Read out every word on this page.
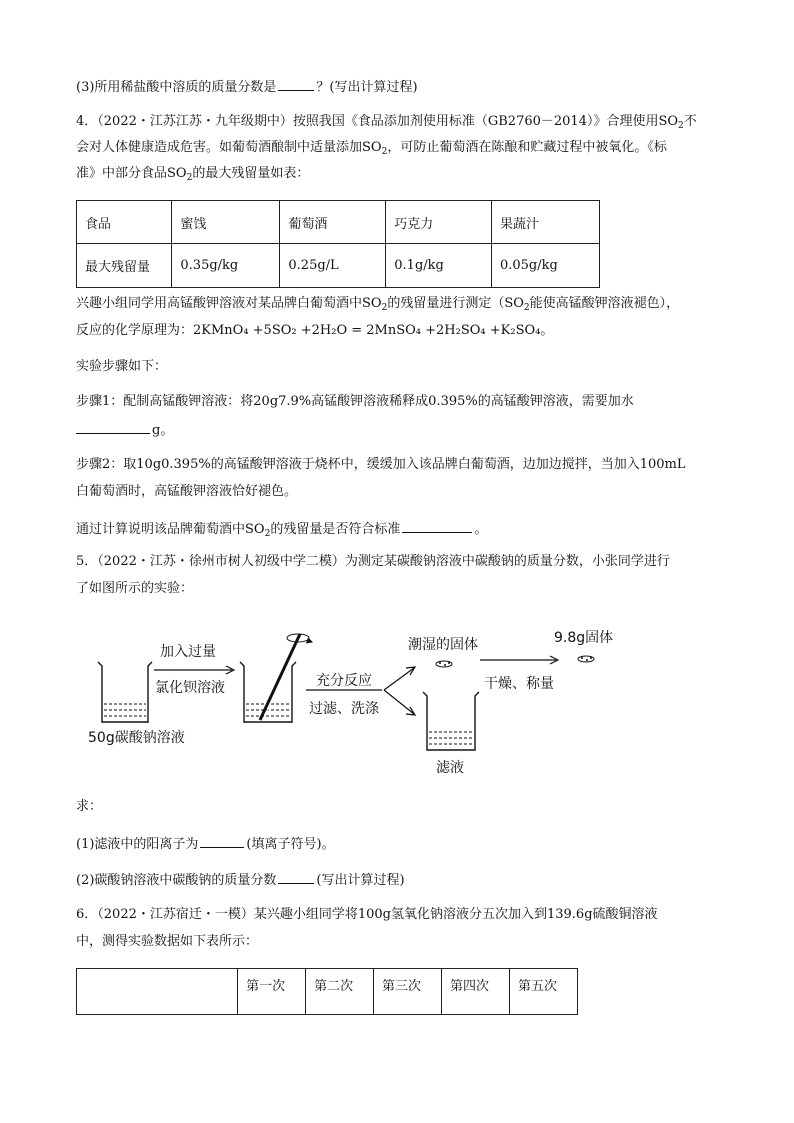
(3)所用稀盐酸中溶质的质量分数是	？(写出计算过程)
4．（2022・江苏江苏・九年级期中）按照我国《食品添加剂使用标准（GB2760－2014）》合理使用$SO_2$不
会对人体健康造成危害。如葡萄酒酿制中适量添加$SO_2$，可防止葡萄酒在陈酿和贮藏过程中被氧化。《标
准》中部分食品$SO_2$的最大残留量如表：
食品	蜜饯	葡萄酒	巧克力	果蔬汁
最大残留量	0.35g/kg	0.25g/L	0.1g/kg	0.05g/kg
兴趣小组同学用高锰酸钾溶液对某品牌白葡萄酒中$SO_2$的残留量进行测定（$SO_2$能使高锰酸钾溶液褪色），
反应的化学原理为：2KMnO₄ +5SO₂ +2H₂O = 2MnSO₄ +2H₂SO₄ +K₂SO₄。
实验步骤如下：
步骤1：配制高锰酸钾溶液：将20g7.9%高锰酸钾溶液稀释成0.395%的高锰酸钾溶液，需要加水
g。
步骤2：取10g0.395%的高锰酸钾溶液于烧杯中，缓缓加入该品牌白葡萄酒，边加边搅拌，当加入100mL
白葡萄酒时，高锰酸钾溶液恰好褪色。
通过计算说明该品牌葡萄酒中$SO_2$的残留量是否符合标准	。
5．（2022・江苏・徐州市树人初级中学二模）为测定某碳酸钠溶液中碳酸钠的质量分数，小张同学进行
了如图所示的实验：
50g碳酸钠溶液
加入过量
氯化钡溶液	充分反应
过滤、洗涤
潮湿的固体
干燥、称量
9.8g固体
滤液
求：
(1)滤液中的阳离子为	(填离子符号)。
(2)碳酸钠溶液中碳酸钠的质量分数	(写出计算过程)
6．（2022・江苏宿迁・一模）某兴趣小组同学将100g氢氧化钠溶液分五次加入到139.6g硫酸铜溶液
中，测得实验数据如下表所示：
	第一次	第二次	第三次	第四次	第五次
